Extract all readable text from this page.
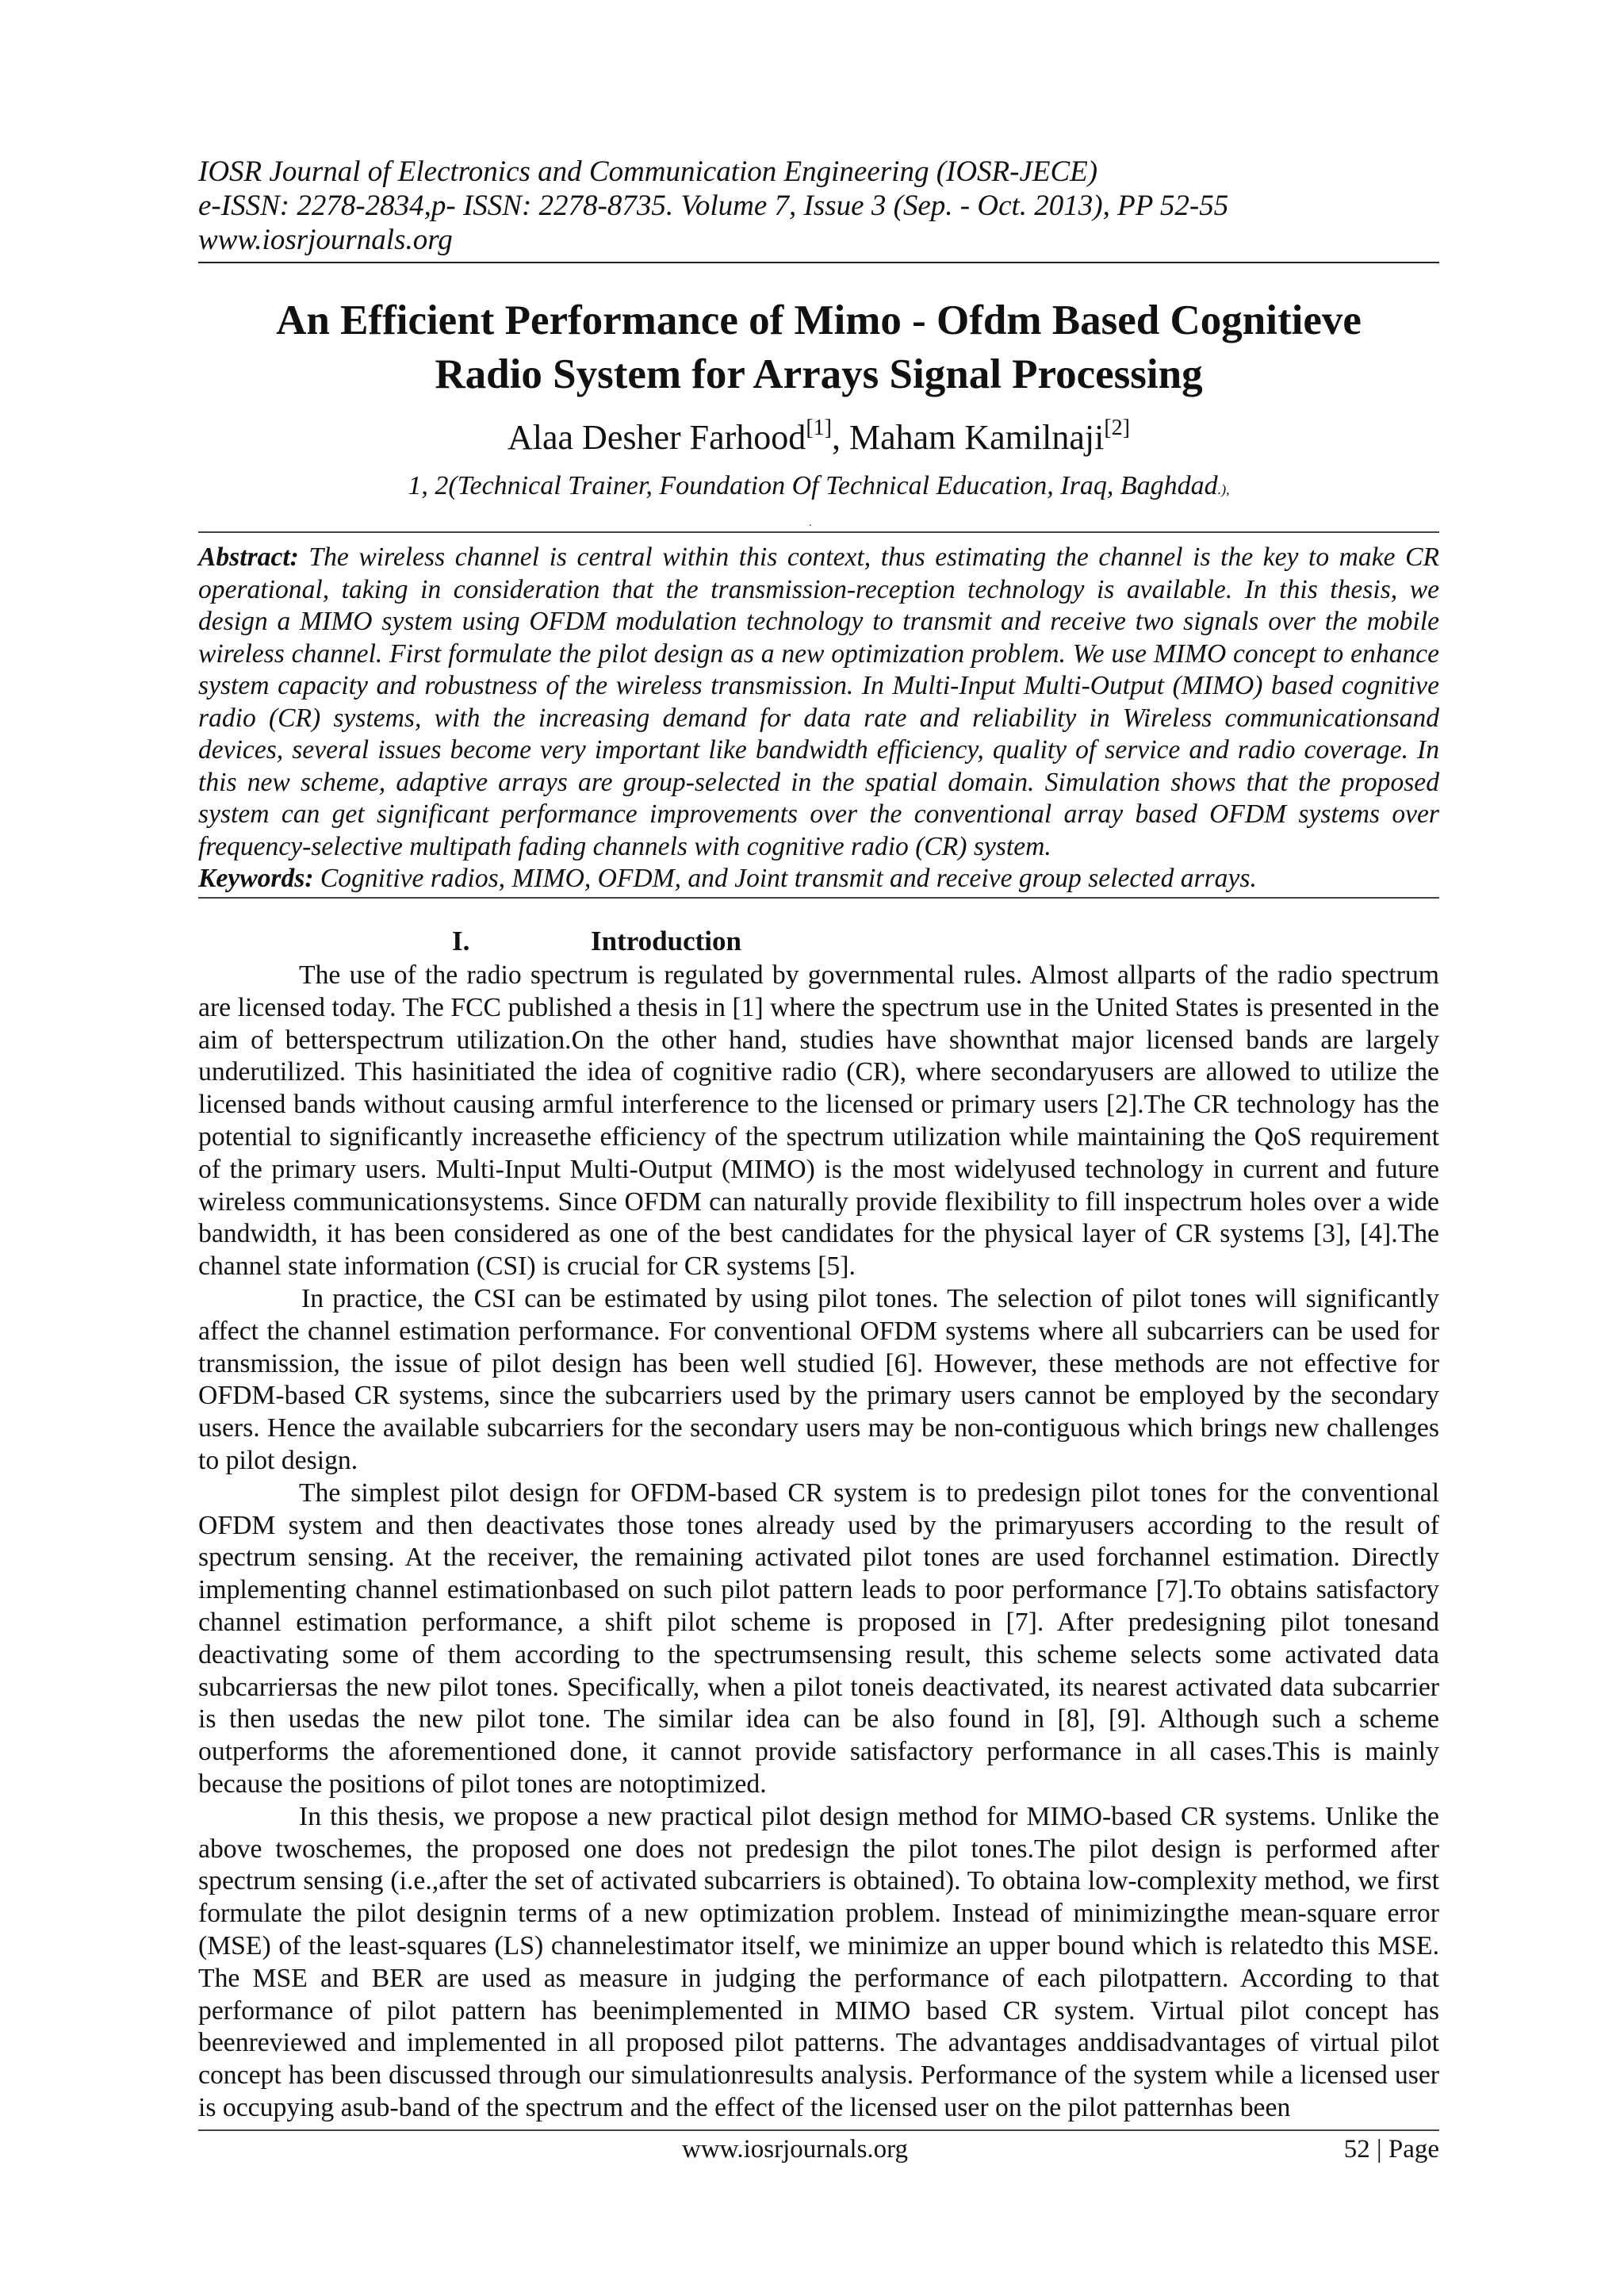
IOSR Journal of Electronics and Communication Engineering (IOSR-JECE)
e-ISSN: 2278-2834,p- ISSN: 2278-8735. Volume 7, Issue 3 (Sep. - Oct. 2013), PP 52-55
www.iosrjournals.org
An Efficient Performance of Mimo - Ofdm Based Cognitieve
Radio System for Arrays Signal Processing
Alaa Desher Farhood[1], Maham Kamilnaji[2]
1, 2(Technical Trainer, Foundation Of Technical Education, Iraq, Baghdad.),
.
Abstract: The wireless channel is central within this context, thus estimating the channel is the key to make CR operational, taking in consideration that the transmission-reception technology is available. In this thesis, we design a MIMO system using OFDM modulation technology to transmit and receive two signals over the mobile wireless channel. First formulate the pilot design as a new optimization problem. We use MIMO concept to enhance system capacity and robustness of the wireless transmission. In Multi-Input Multi-Output (MIMO) based cognitive radio (CR) systems, with the increasing demand for data rate and reliability in Wireless communicationsand devices, several issues become very important like bandwidth efficiency, quality of service and radio coverage. In this new scheme, adaptive arrays are group-selected in the spatial domain. Simulation shows that the proposed system can get significant performance improvements over the conventional array based OFDM systems over frequency-selective multipath fading channels with cognitive radio (CR) system.
Keywords: Cognitive radios, MIMO, OFDM, and Joint transmit and receive group selected arrays.
I.	Introduction

The use of the radio spectrum is regulated by governmental rules. Almost allparts of the radio spectrum are licensed today. The FCC published a thesis in [1] where the spectrum use in the United States is presented in the aim of betterspectrum utilization.On the other hand, studies have shownthat major licensed bands are largely underutilized. This hasinitiated the idea of cognitive radio (CR), where secondaryusers are allowed to utilize the licensed bands without causing armful interference to the licensed or primary users [2].The CR technology has the potential to significantly increasethe efficiency of the spectrum utilization while maintaining the QoS requirement of the primary users. Multi-Input Multi-Output (MIMO) is the most widelyused technology in current and future wireless communicationsystems. Since OFDM can naturally provide flexibility to fill inspectrum holes over a wide bandwidth, it has been considered as one of the best candidates for the physical layer of CR systems [3], [4].The channel state information (CSI) is crucial for CR systems [5].

In practice, the CSI can be estimated by using pilot tones. The selection of pilot tones will significantly affect the channel estimation performance. For conventional OFDM systems where all subcarriers can be used for transmission, the issue of pilot design has been well studied [6]. However, these methods are not effective for OFDM-based CR systems, since the subcarriers used by the primary users cannot be employed by the secondary users. Hence the available subcarriers for the secondary users may be non-contiguous which brings new challenges to pilot design.

The simplest pilot design for OFDM-based CR system is to predesign pilot tones for the conventional OFDM system and then deactivates those tones already used by the primaryusers according to the result of spectrum sensing. At the receiver, the remaining activated pilot tones are used forchannel estimation. Directly implementing channel estimationbased on such pilot pattern leads to poor performance [7].To obtains satisfactory channel estimation performance, a shift pilot scheme is proposed in [7]. After predesigning pilot tonesand deactivating some of them according to the spectrumsensing result, this scheme selects some activated data subcarriersas the new pilot tones. Specifically, when a pilot toneis deactivated, its nearest activated data subcarrier is then usedas the new pilot tone. The similar idea can be also found in [8], [9]. Although such a scheme outperforms the aforementioned done, it cannot provide satisfactory performance in all cases.This is mainly because the positions of pilot tones are notoptimized.

In this thesis, we propose a new practical pilot design method for MIMO-based CR systems. Unlike the above twoschemes, the proposed one does not predesign the pilot tones.The pilot design is performed after spectrum sensing (i.e.,after the set of activated subcarriers is obtained). To obtaina low-complexity method, we first formulate the pilot designin terms of a new optimization problem. Instead of minimizingthe mean-square error (MSE) of the least-squares (LS) channelestimator itself, we minimize an upper bound which is relatedto this MSE. The MSE and BER are used as measure in judging the performance of each pilotpattern. According to that performance of pilot pattern has beenimplemented in MIMO based CR system. Virtual pilot concept has beenreviewed and implemented in all proposed pilot patterns. The advantages anddisadvantages of virtual pilot concept has been discussed through our simulationresults analysis. Performance of the system while a licensed user is occupying asub-band of the spectrum and the effect of the licensed user on the pilot patternhas been

www.iosrjournals.org	52 | Page
